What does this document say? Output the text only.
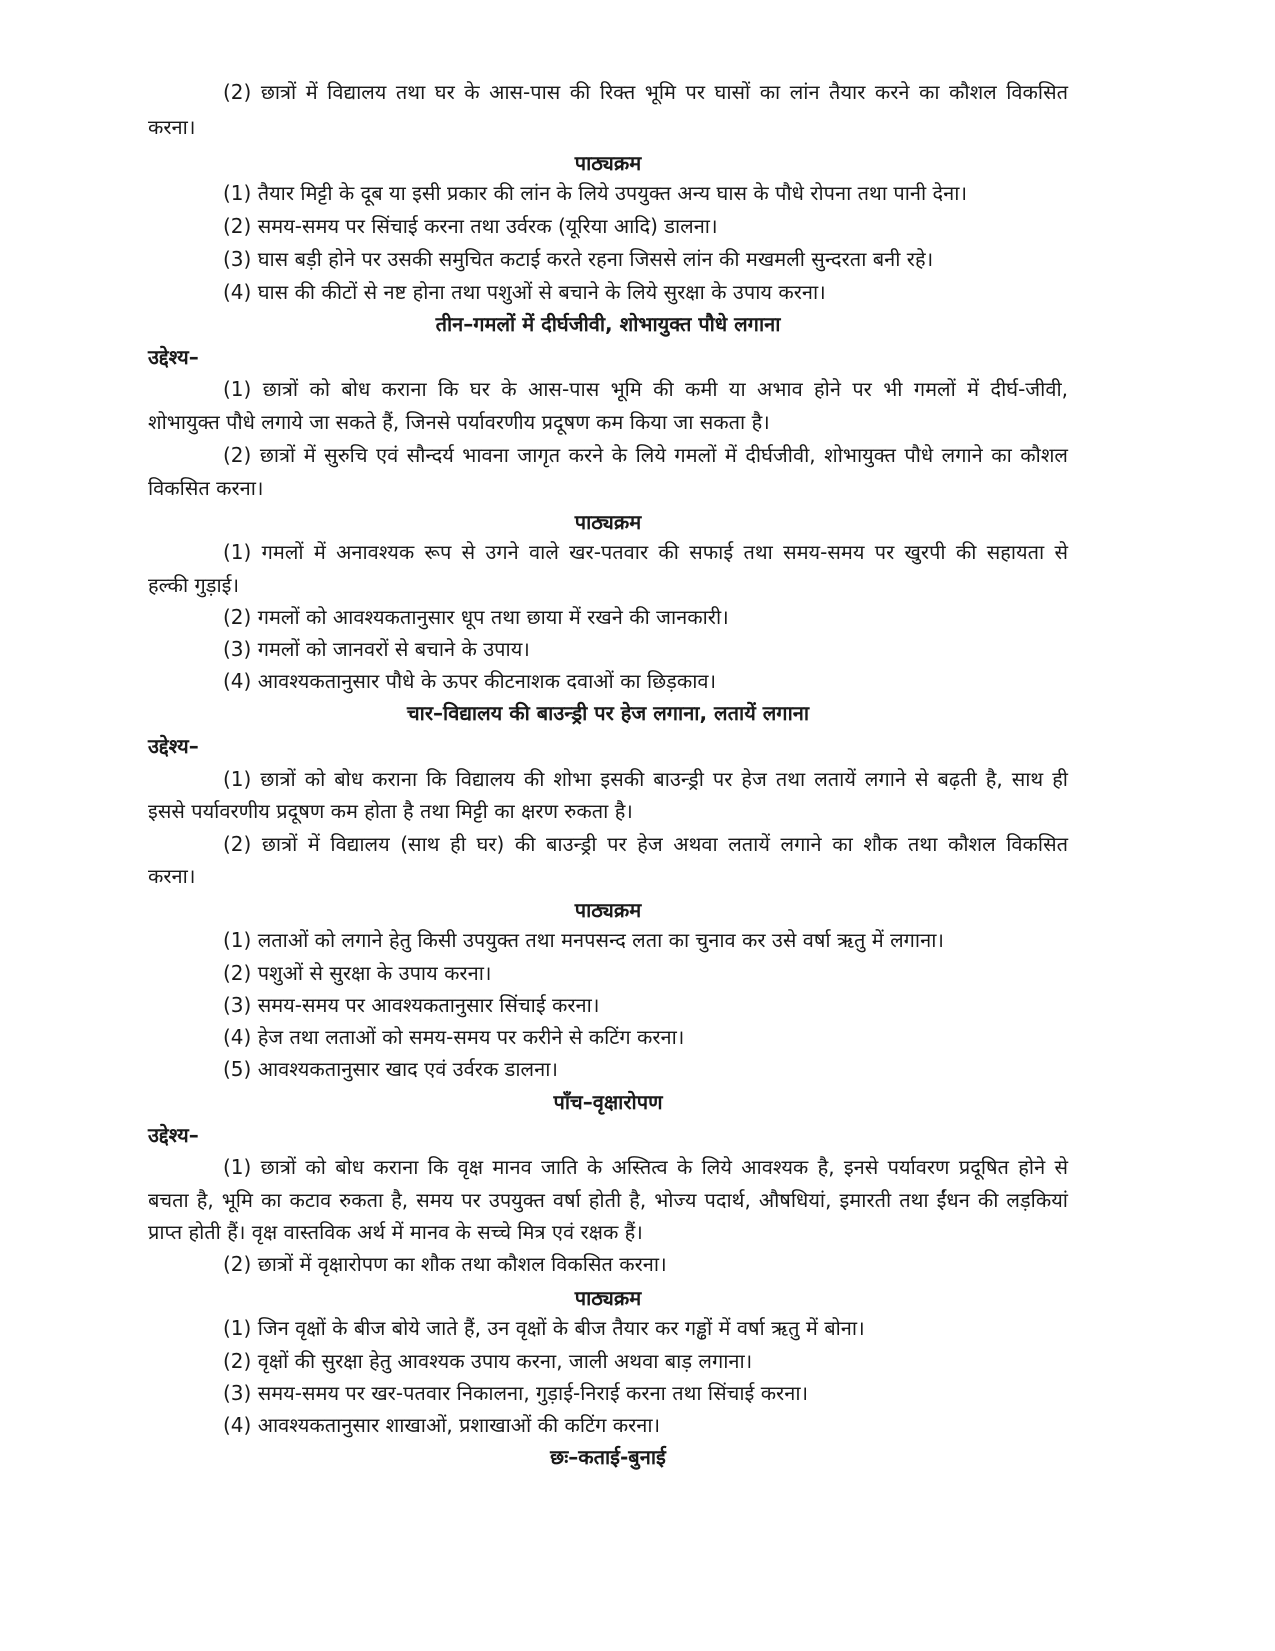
(2) छात्रों में विद्यालय तथा घर के आस-पास की रिक्त भूमि पर घासों का लांन तैयार करने का कौशल विकसित

करना।

पाठ्यक्रम

(1) तैयार मिट्टी के दूब या इसी प्रकार की लांन के लिये उपयुक्त अन्य घास के पौधे रोपना तथा पानी देना।

(2) समय-समय पर सिंचाई करना तथा उर्वरक (यूरिया आदि) डालना।

(3) घास बड़ी होने पर उसकी समुचित कटाई करते रहना जिससे लांन की मखमली सुन्दरता बनी रहे।

(4) घास की कीटों से नष्ट होना तथा पशुओं से बचाने के लिये सुरक्षा के उपाय करना।

तीन–गमलों में दीर्घजीवी, शोभायुक्त पौधे लगाना

उद्देश्य–

(1) छात्रों को बोध कराना कि घर के आस-पास भूमि की कमी या अभाव होने पर भी गमलों में दीर्घ-जीवी,

शोभायुक्त पौधे लगाये जा सकते हैं, जिनसे पर्यावरणीय प्रदूषण कम किया जा सकता है।

(2) छात्रों में सुरुचि एवं सौन्दर्य भावना जागृत करने के लिये गमलों में दीर्घजीवी, शोभायुक्त पौधे लगाने का कौशल

विकसित करना।

पाठ्यक्रम

(1) गमलों में अनावश्यक रूप से उगने वाले खर-पतवार की सफाई तथा समय-समय पर खुरपी की सहायता से

हल्की गुड़ाई।

(2) गमलों को आवश्यकतानुसार धूप तथा छाया में रखने की जानकारी।

(3) गमलों को जानवरों से बचाने के उपाय।

(4) आवश्यकतानुसार पौधे के ऊपर कीटनाशक दवाओं का छिड़काव।

चार–विद्यालय की बाउन्ड्री पर हेज लगाना, लतायें लगाना

उद्देश्य–

(1) छात्रों को बोध कराना कि विद्यालय की शोभा इसकी बाउन्ड्री पर हेज तथा लतायें लगाने से बढ़ती है, साथ ही

इससे पर्यावरणीय प्रदूषण कम होता है तथा मिट्टी का क्षरण रुकता है।

(2) छात्रों में विद्यालय (साथ ही घर) की बाउन्ड्री पर हेज अथवा लतायें लगाने का शौक तथा कौशल विकसित

करना।

पाठ्यक्रम

(1) लताओं को लगाने हेतु किसी उपयुक्त तथा मनपसन्द लता का चुनाव कर उसे वर्षा ऋतु में लगाना।

(2) पशुओं से सुरक्षा के उपाय करना।

(3) समय-समय पर आवश्यकतानुसार सिंचाई करना।

(4) हेज तथा लताओं को समय-समय पर करीने से कटिंग करना।

(5) आवश्यकतानुसार खाद एवं उर्वरक डालना।

पाँच–वृक्षारोपण

उद्देश्य–

(1) छात्रों को बोध कराना कि वृक्ष मानव जाति के अस्तित्व के लिये आवश्यक है, इनसे पर्यावरण प्रदूषित होने से

बचता है, भूमि का कटाव रुकता है, समय पर उपयुक्त वर्षा होती है, भोज्य पदार्थ, औषधियां, इमारती तथा ईंधन की लड़कियां

प्राप्त होती हैं। वृक्ष वास्तविक अर्थ में मानव के सच्चे मित्र एवं रक्षक हैं।

(2) छात्रों में वृक्षारोपण का शौक तथा कौशल विकसित करना।

पाठ्यक्रम

(1) जिन वृक्षों के बीज बोये जाते हैं, उन वृक्षों के बीज तैयार कर गड्ढों में वर्षा ऋतु में बोना।

(2) वृक्षों की सुरक्षा हेतु आवश्यक उपाय करना, जाली अथवा बाड़ लगाना।

(3) समय-समय पर खर-पतवार निकालना, गुड़ाई-निराई करना तथा सिंचाई करना।

(4) आवश्यकतानुसार शाखाओं, प्रशाखाओं की कटिंग करना।

छः–कताई-बुनाई
